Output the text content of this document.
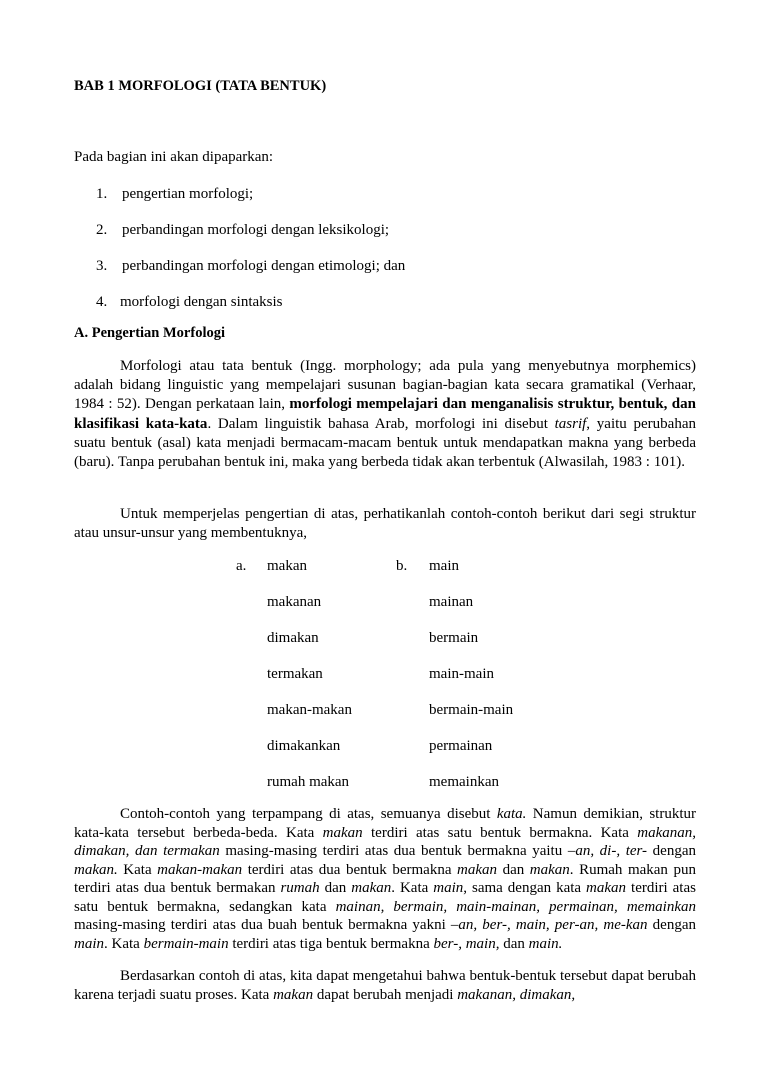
BAB 1 MORFOLOGI (TATA BENTUK)
Pada bagian ini akan dipaparkan:
1. pengertian morfologi;
2. perbandingan morfologi dengan leksikologi;
3. perbandingan morfologi dengan etimologi; dan
4. morfologi dengan sintaksis
A. Pengertian Morfologi
Morfologi atau tata bentuk (Ingg. morphology; ada pula yang menyebutnya morphemics) adalah bidang linguistic yang mempelajari susunan bagian-bagian kata secara gramatikal (Verhaar, 1984 : 52). Dengan perkataan lain, morfologi mempelajari dan menganalisis struktur, bentuk, dan klasifikasi kata-kata. Dalam linguistik bahasa Arab, morfologi ini disebut tasrif, yaitu perubahan suatu bentuk (asal) kata menjadi bermacam-macam bentuk untuk mendapatkan makna yang berbeda (baru). Tanpa perubahan bentuk ini, maka yang berbeda tidak akan terbentuk (Alwasilah, 1983 : 101).
Untuk memperjelas pengertian di atas, perhatikanlah contoh-contoh berikut dari segi struktur atau unsur-unsur yang membentuknya,
a.	b.
makan
makanan
dimakan
termakan
makan-makan
dimakankan
rumah makan
main
mainan
bermain
main-main
bermain-main
permainan
memainkan
Contoh-contoh yang terpampang di atas, semuanya disebut kata. Namun demikian, struktur kata-kata tersebut berbeda-beda. Kata makan terdiri atas satu bentuk bermakna. Kata makanan, dimakan, dan termakan masing-masing terdiri atas dua bentuk bermakna yaitu –an, di-, ter- dengan makan. Kata makan-makan terdiri atas dua bentuk bermakna makan dan makan. Rumah makan pun terdiri atas dua bentuk bermakan rumah dan makan. Kata main, sama dengan kata makan terdiri atas satu bentuk bermakna, sedangkan kata mainan, bermain, main-mainan, permainan, memainkan masing-masing terdiri atas dua buah bentuk bermakna yakni –an, ber-, main, per-an, me-kan dengan main. Kata bermain-main terdiri atas tiga bentuk bermakna ber-, main, dan main.
Berdasarkan contoh di atas, kita dapat mengetahui bahwa bentuk-bentuk tersebut dapat berubah karena terjadi suatu proses. Kata makan dapat berubah menjadi makanan, dimakan,
